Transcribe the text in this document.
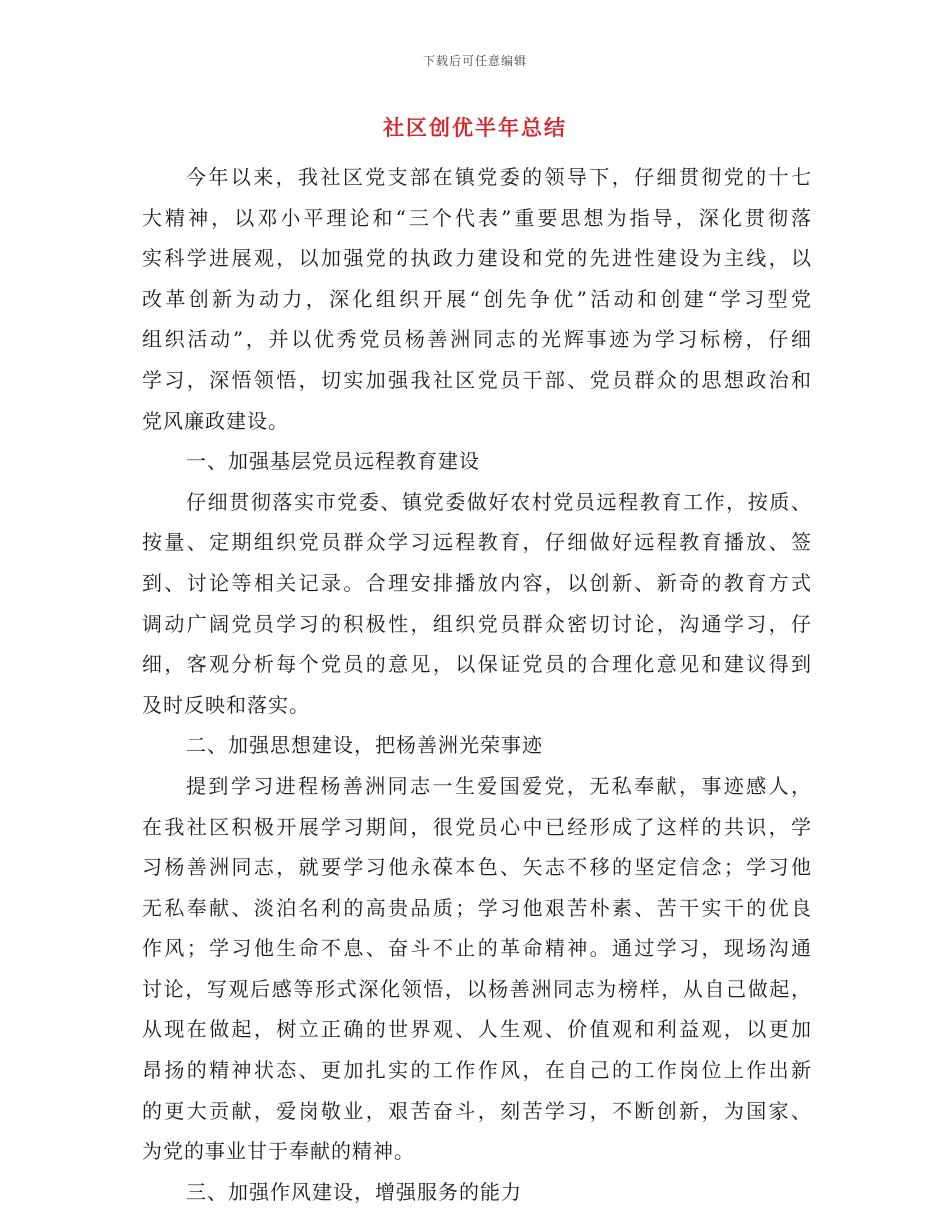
下载后可任意编辑
社区创优半年总结
今年以来，我社区党支部在镇党委的领导下，仔细贯彻党的十七
大精神，以邓小平理论和“三个代表”重要思想为指导，深化贯彻落
实科学进展观，以加强党的执政力建设和党的先进性建设为主线，以
改革创新为动力，深化组织开展“创先争优”活动和创建“学习型党
组织活动”，并以优秀党员杨善洲同志的光辉事迹为学习标榜，仔细
学习，深悟领悟，切实加强我社区党员干部、党员群众的思想政治和
党风廉政建设。
一、加强基层党员远程教育建设
仔细贯彻落实市党委、镇党委做好农村党员远程教育工作，按质、
按量、定期组织党员群众学习远程教育，仔细做好远程教育播放、签
到、讨论等相关记录。合理安排播放内容，以创新、新奇的教育方式
调动广阔党员学习的积极性，组织党员群众密切讨论，沟通学习，仔
细，客观分析每个党员的意见，以保证党员的合理化意见和建议得到
及时反映和落实。
二、加强思想建设，把杨善洲光荣事迹
提到学习进程杨善洲同志一生爱国爱党，无私奉献，事迹感人，
在我社区积极开展学习期间，很党员心中已经形成了这样的共识，学
习杨善洲同志，就要学习他永葆本色、矢志不移的坚定信念；学习他
无私奉献、淡泊名利的高贵品质；学习他艰苦朴素、苦干实干的优良
作风；学习他生命不息、奋斗不止的革命精神。通过学习，现场沟通
讨论，写观后感等形式深化领悟，以杨善洲同志为榜样，从自己做起，
从现在做起，树立正确的世界观、人生观、价值观和利益观，以更加
昂扬的精神状态、更加扎实的工作作风，在自己的工作岗位上作出新
的更大贡献，爱岗敬业，艰苦奋斗，刻苦学习，不断创新，为国家、
为党的事业甘于奉献的精神。
三、加强作风建设，增强服务的能力
